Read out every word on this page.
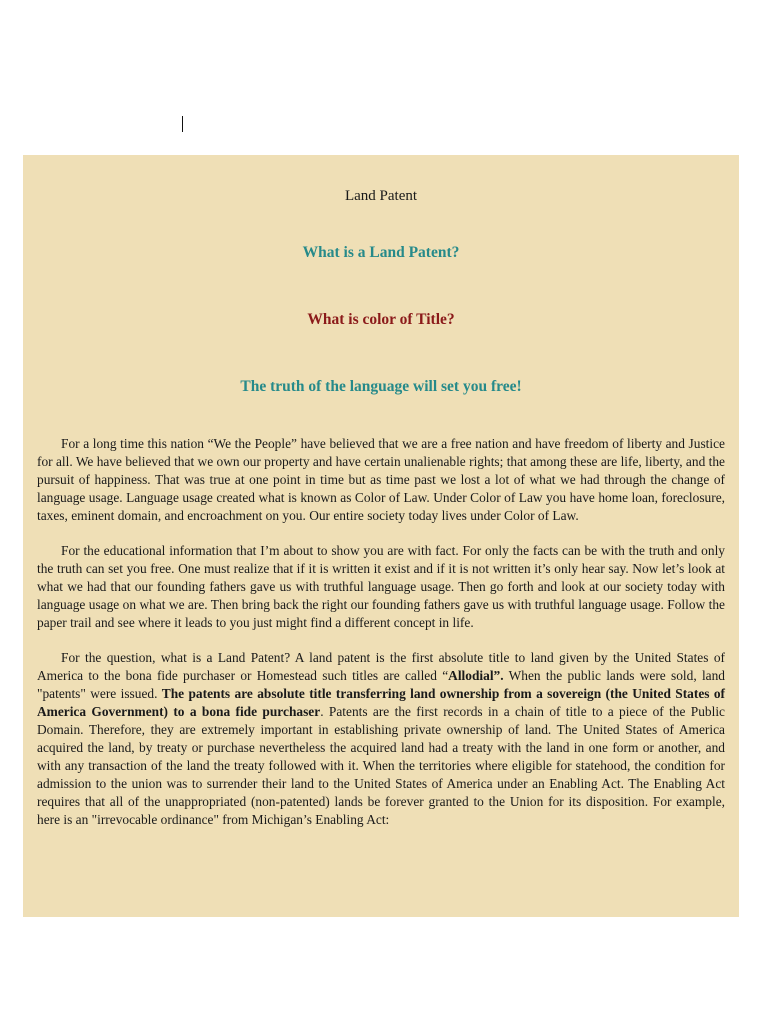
Land Patent

What is a Land Patent?

What is color of Title?

The truth of the language will set you free!

For a long time this nation “We the People” have believed that we are a free nation and have freedom of liberty and Justice for all. We have believed that we own our property and have certain unalienable rights; that among these are life, liberty, and the pursuit of happiness. That was true at one point in time but as time past we lost a lot of what we had through the change of language usage. Language usage created what is known as Color of Law. Under Color of Law you have home loan, foreclosure, taxes, eminent domain, and encroachment on you. Our entire society today lives under Color of Law.

For the educational information that I’m about to show you are with fact. For only the facts can be with the truth and only the truth can set you free. One must realize that if it is written it exist and if it is not written it’s only hear say. Now let’s look at what we had that our founding fathers gave us with truthful language usage. Then go forth and look at our society today with language usage on what we are. Then bring back the right our founding fathers gave us with truthful language usage. Follow the paper trail and see where it leads to you just might find a different concept in life.

For the question, what is a Land Patent? A land patent is the first absolute title to land given by the United States of America to the bona fide purchaser or Homestead such titles are called “Allodial”. When the public lands were sold, land "patents" were issued. The patents are absolute title transferring land ownership from a sovereign (the United States of America Government) to a bona fide purchaser. Patents are the first records in a chain of title to a piece of the Public Domain. Therefore, they are extremely important in establishing private ownership of land. The United States of America acquired the land, by treaty or purchase nevertheless the acquired land had a treaty with the land in one form or another, and with any transaction of the land the treaty followed with it. When the territories where eligible for statehood, the condition for admission to the union was to surrender their land to the United States of America under an Enabling Act. The Enabling Act requires that all of the unappropriated (non-patented) lands be forever granted to the Union for its disposition. For example, here is an "irrevocable ordinance" from Michigan’s Enabling Act:
